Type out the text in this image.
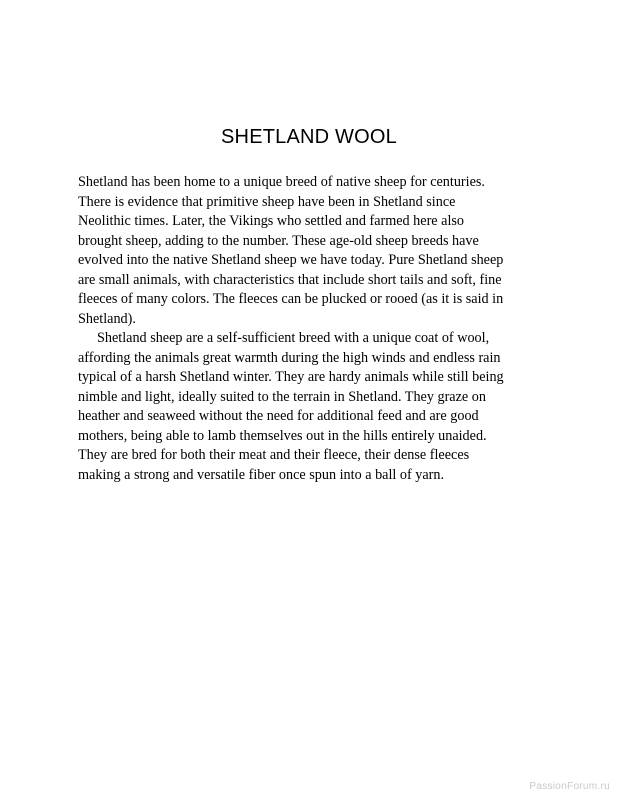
SHETLAND WOOL

Shetland has been home to a unique breed of native sheep for centuries.
There is evidence that primitive sheep have been in Shetland since
Neolithic times. Later, the Vikings who settled and farmed here also
brought sheep, adding to the number. These age-old sheep breeds have
evolved into the native Shetland sheep we have today. Pure Shetland sheep
are small animals, with characteristics that include short tails and soft, fine
fleeces of many colors. The fleeces can be plucked or rooed (as it is said in
Shetland).

Shetland sheep are a self-sufficient breed with a unique coat of wool,
affording the animals great warmth during the high winds and endless rain
typical of a harsh Shetland winter. They are hardy animals while still being
nimble and light, ideally suited to the terrain in Shetland. They graze on
heather and seaweed without the need for additional feed and are good
mothers, being able to lamb themselves out in the hills entirely unaided.
They are bred for both their meat and their fleece, their dense fleeces
making a strong and versatile fiber once spun into a ball of yarn.

PassionForum.ru
